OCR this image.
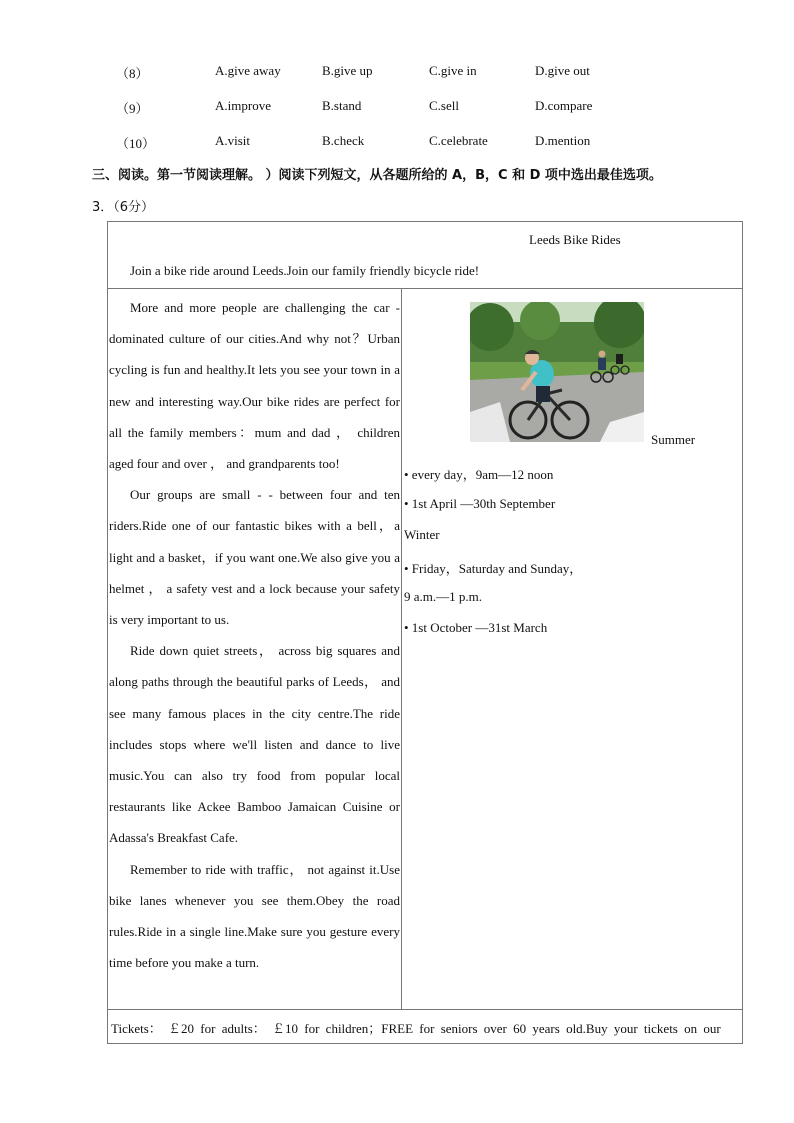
（8）	A.give away	B.give up	C.give in	D.give out
（9）	A.improve	B.stand	C.sell	D.compare
（10）	A.visit	B.check	C.celebrate	D.mention
三、阅读。第一节阅读理解。 ）阅读下列短文，从各题所给的 A，B，C 和 D 项中选出最佳选项。
3．（6分）
Leeds Bike Rides
Join a bike ride around Leeds.Join our family friendly bicycle ride!

More and more people are challenging the car - dominated culture of our cities.And why not？Urban cycling is fun and healthy.It lets you see your town in a new and interesting way.Our bike rides are perfect for all the family members：mum and dad ， children aged four and over ， and grandparents too!

Our groups are small - - between four and ten riders.Ride one of our fantastic bikes with a bell，a light and a basket，if you want one.We also give you a helmet ， a safety vest and a lock because your safety is very important to us.

Ride down quiet streets， across big squares and along paths through the beautiful parks of Leeds， and see many famous places in the city centre.The ride includes stops where we'll listen and dance to live music.You can also try food from popular local restaurants like Ackee Bamboo Jamaican Cuisine or Adassa's Breakfast Cafe.

Remember to ride with traffic， not against it.Use bike lanes whenever you see them.Obey the road rules.Ride in a single line.Make sure you gesture every time before you make a turn.

Summer
• every day，9am—12 noon
• 1st April —30th September
Winter
• Friday，Saturday and Sunday，
9 a.m.—1 p.m.
• 1st October —31st March
Tickets： ￡20 for adults： ￡10 for children；FREE for seniors over 60 years old.Buy your tickets on our
